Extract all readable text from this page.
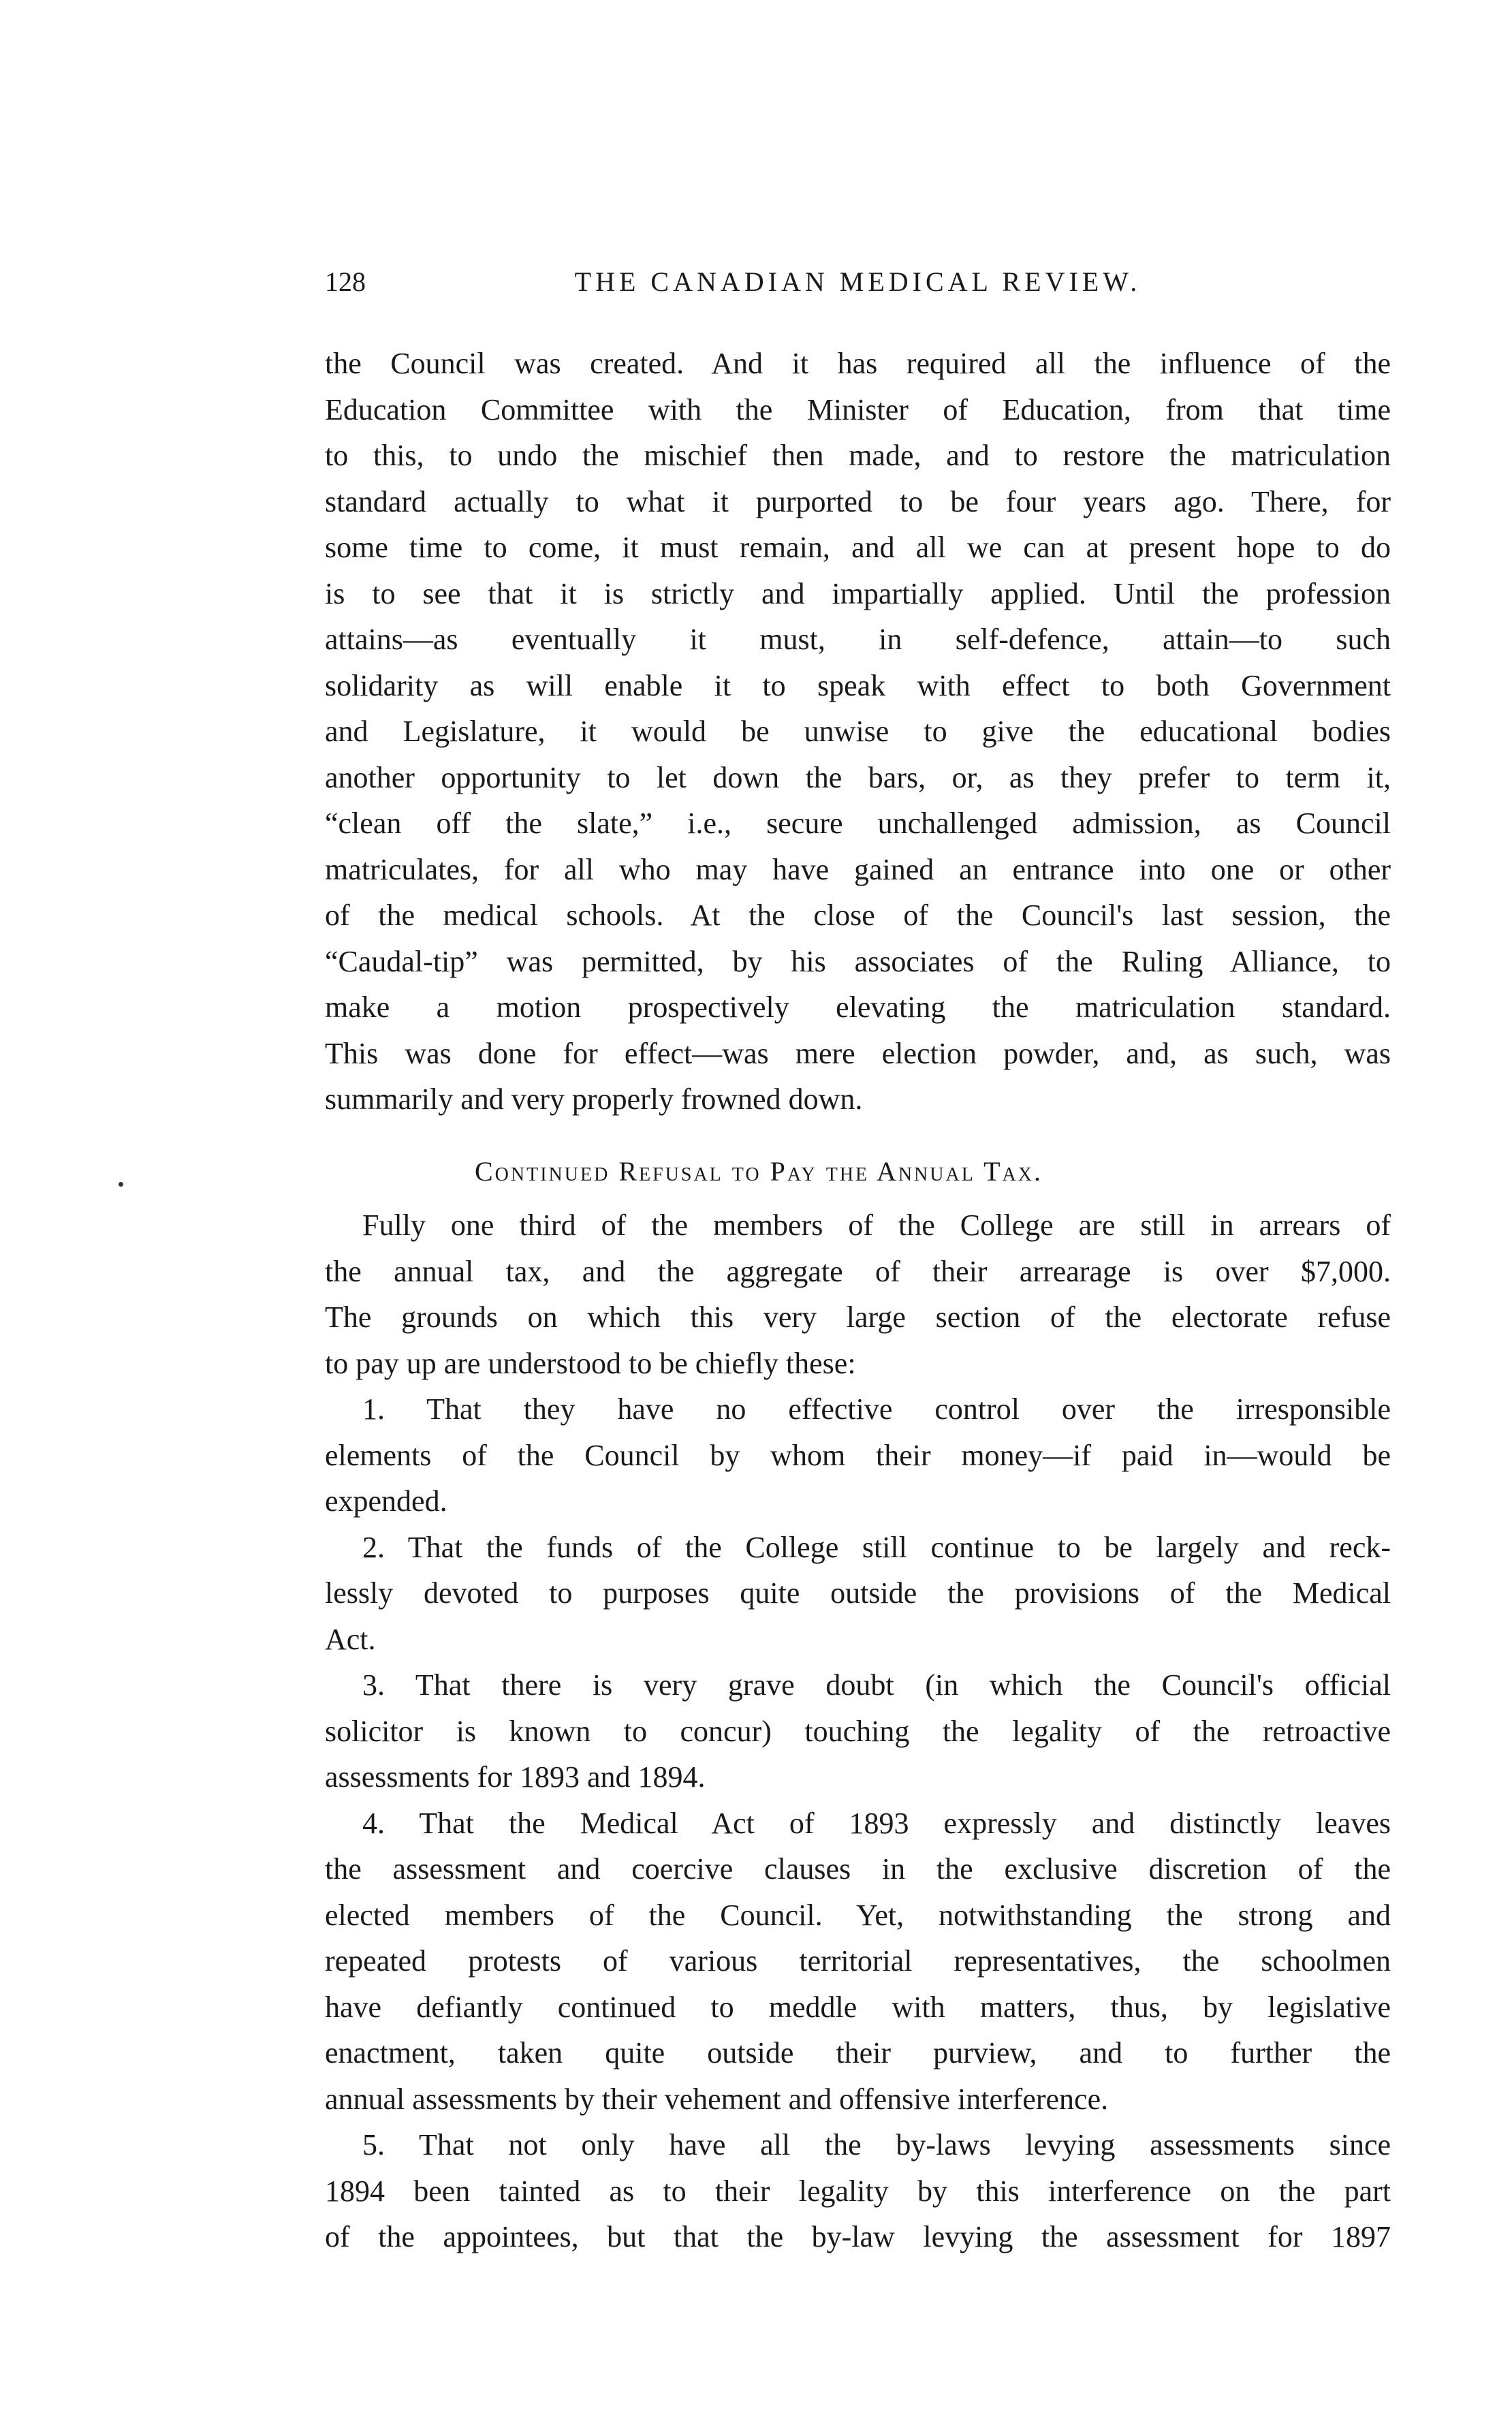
128	THE CANADIAN MEDICAL REVIEW.
the Council was created. And it has required all the influence of the
Education Committee with the Minister of Education, from that time
to this, to undo the mischief then made, and to restore the matriculation
standard actually to what it purported to be four years ago. There, for
some time to come, it must remain, and all we can at present hope to do
is to see that it is strictly and impartially applied. Until the profession
attains—as eventually it must, in self-defence, attain—to such
solidarity as will enable it to speak with effect to both Government
and Legislature, it would be unwise to give the educational bodies
another opportunity to let down the bars, or, as they prefer to term it,
“clean off the slate,” i.e., secure unchallenged admission, as Council
matriculates, for all who may have gained an entrance into one or other
of the medical schools. At the close of the Council's last session, the
“Caudal-tip” was permitted, by his associates of the Ruling Alliance, to
make a motion prospectively elevating the matriculation standard.
This was done for effect—was mere election powder, and, as such, was
summarily and very properly frowned down.
Continued Refusal to Pay the Annual Tax.
Fully one third of the members of the College are still in arrears of
the annual tax, and the aggregate of their arrearage is over $7,000.
The grounds on which this very large section of the electorate refuse
to pay up are understood to be chiefly these:
1. That they have no effective control over the irresponsible
elements of the Council by whom their money—if paid in—would be
expended.
2. That the funds of the College still continue to be largely and reck-
lessly devoted to purposes quite outside the provisions of the Medical
Act.
3. That there is very grave doubt (in which the Council's official
solicitor is known to concur) touching the legality of the retroactive
assessments for 1893 and 1894.
4. That the Medical Act of 1893 expressly and distinctly leaves
the assessment and coercive clauses in the exclusive discretion of the
elected members of the Council. Yet, notwithstanding the strong and
repeated protests of various territorial representatives, the schoolmen
have defiantly continued to meddle with matters, thus, by legislative
enactment, taken quite outside their purview, and to further the
annual assessments by their vehement and offensive interference.
5. That not only have all the by-laws levying assessments since
1894 been tainted as to their legality by this interference on the part
of the appointees, but that the by-law levying the assessment for 1897
